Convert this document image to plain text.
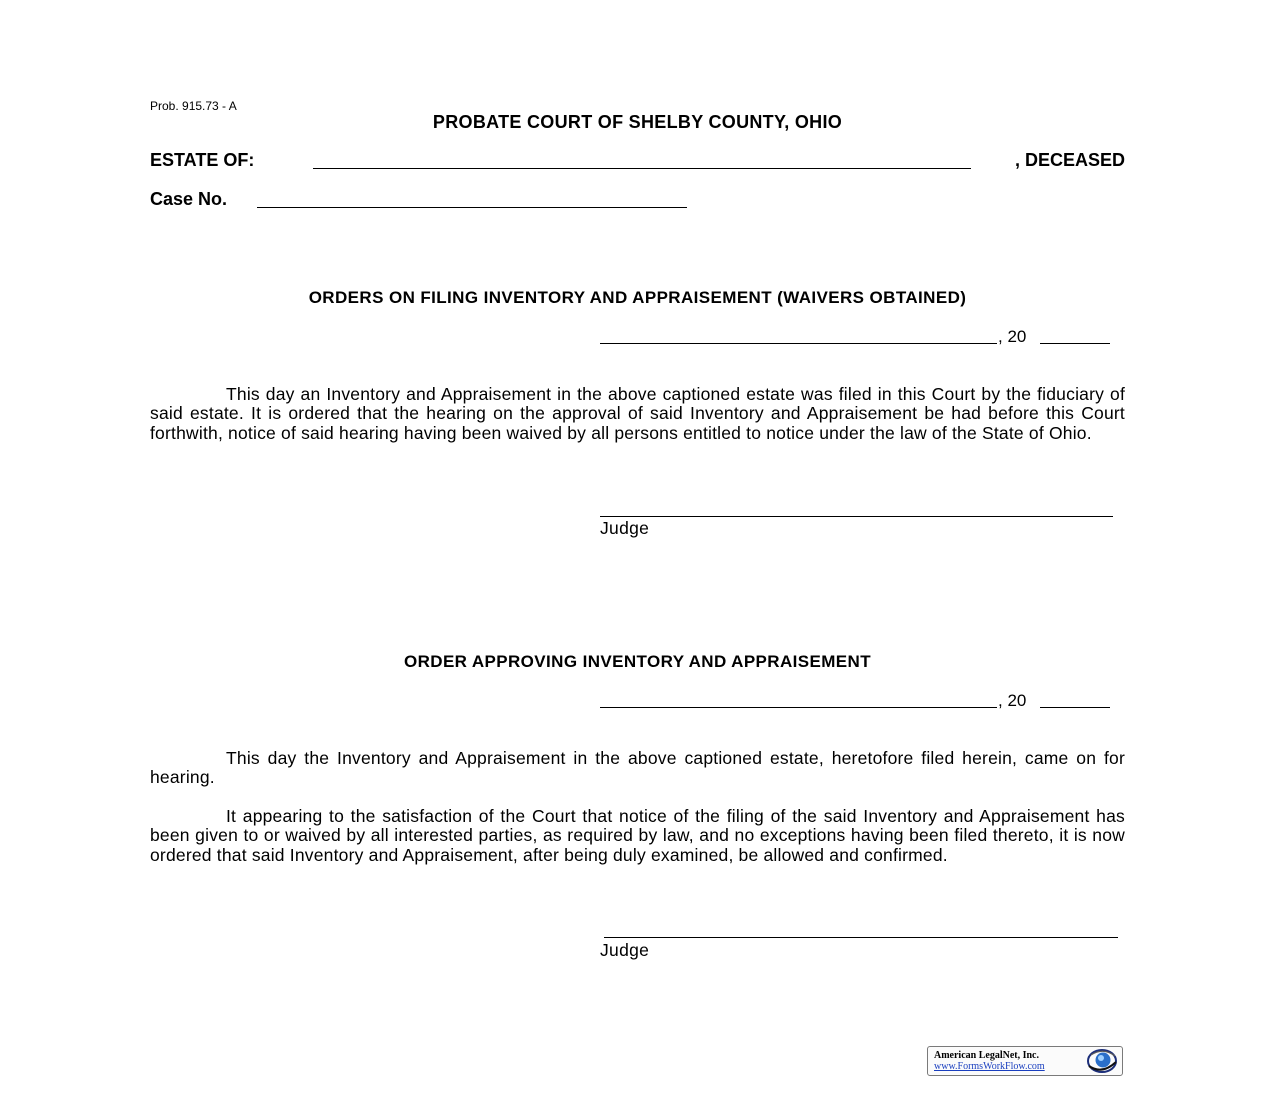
Prob. 915.73 - A
PROBATE COURT OF SHELBY COUNTY, OHIO
ESTATE OF:	, DECEASED
Case No.
ORDERS ON FILING INVENTORY AND APPRAISEMENT (WAIVERS OBTAINED)
, 20

This day an Inventory and Appraisement in the above captioned estate was filed in this Court by the fiduciary of said estate. It is ordered that the hearing on the approval of said Inventory and Appraisement be had before this Court forthwith, notice of said hearing having been waived by all persons entitled to notice under the law of the State of Ohio.

Judge
ORDER APPROVING INVENTORY AND APPRAISEMENT
, 20

This day the Inventory and Appraisement in the above captioned estate, heretofore filed herein, came on for hearing.

It appearing to the satisfaction of the Court that notice of the filing of the said Inventory and Appraisement has been given to or waived by all interested parties, as required by law, and no exceptions having been filed thereto, it is now ordered that said Inventory and Appraisement, after being duly examined, be allowed and confirmed.

Judge
American LegalNet, Inc.
www.FormsWorkFlow.com
